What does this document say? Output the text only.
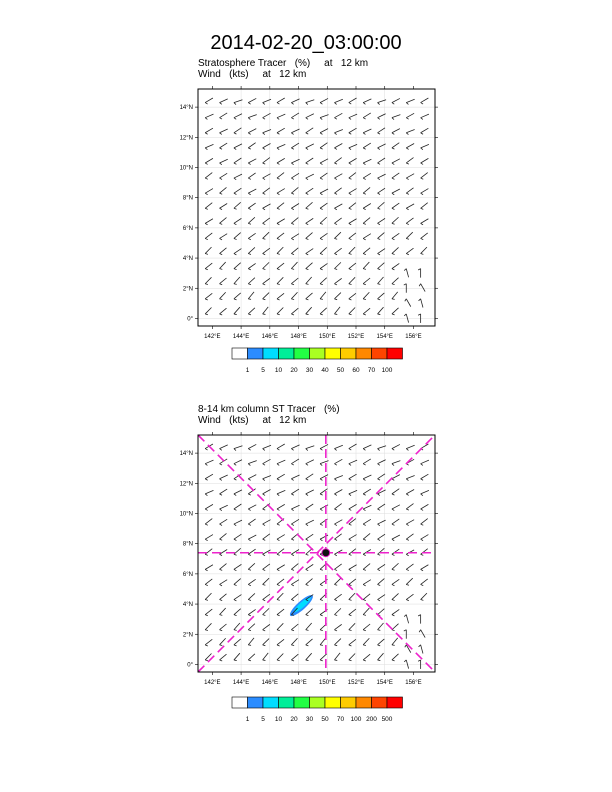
2014-02-20_03:00:00
Stratosphere Tracer   (%)     at   12 km
Wind   (kts)     at   12 km
8-14 km column ST Tracer   (%)
Wind   (kts)     at   12 km
142°E 144°E 146°E 148°E 150°E 152°E 154°E 156°E
0°
2°N
4°N
6°N
8°N
10°N
12°N
14°N
1 5 10 20 30 40 50 60 70 100
142°E 144°E 146°E 148°E 150°E 152°E 154°E 156°E
0°
2°N
4°N
6°N
8°N
10°N
12°N
14°N
1 5 10 20 30 50 70 100 200 500
